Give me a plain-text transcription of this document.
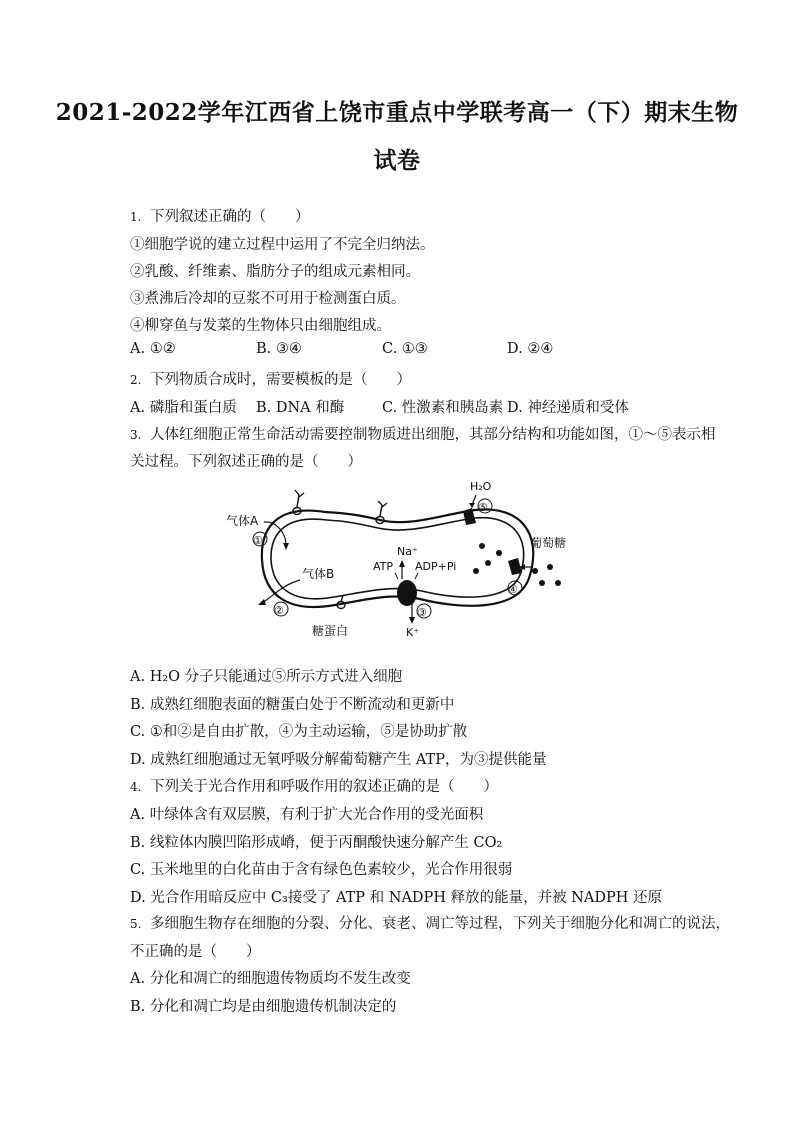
2021-2022学年江西省上饶市重点中学联考高一（下）期末生物
试卷
1. 下列叙述正确的（　　）
①细胞学说的建立过程中运用了不完全归纳法。
②乳酸、纤维素、脂肪分子的组成元素相同。
③煮沸后冷却的豆浆不可用于检测蛋白质。
④柳穿鱼与发菜的生物体只由细胞组成。
A. ①②	B. ③④	C. ①③	D. ②④
2. 下列物质合成时，需要模板的是（　　）
A. 磷脂和蛋白质 B. DNA 和酶	C. 性激素和胰岛素 D. 神经递质和受体
3. 人体红细胞正常生命活动需要控制物质进出细胞，其部分结构和功能如图，①～⑤表示相
关过程。下列叙述正确的是（　　）
糖蛋白
气体A
①
气体B
②
Na⁺
K⁺
ATP ADP+Pi
③
H₂O
⑤
葡萄糖
④
A. H₂O 分子只能通过⑤所示方式进入细胞
B. 成熟红细胞表面的糖蛋白处于不断流动和更新中
C. ①和②是自由扩散，④为主动运输，⑤是协助扩散
D. 成熟红细胞通过无氧呼吸分解葡萄糖产生 ATP，为③提供能量
4. 下列关于光合作用和呼吸作用的叙述正确的是（　　）
A. 叶绿体含有双层膜，有利于扩大光合作用的受光面积
B. 线粒体内膜凹陷形成嵴，便于丙酮酸快速分解产生 CO₂
C. 玉米地里的白化苗由于含有绿色色素较少，光合作用很弱
D. 光合作用暗反应中 C₃接受了 ATP 和 NADPH 释放的能量，并被 NADPH 还原
5. 多细胞生物存在细胞的分裂、分化、衰老、凋亡等过程，下列关于细胞分化和凋亡的说法，
不正确的是（　　）
A. 分化和凋亡的细胞遗传物质均不发生改变
B. 分化和凋亡均是由细胞遗传机制决定的
